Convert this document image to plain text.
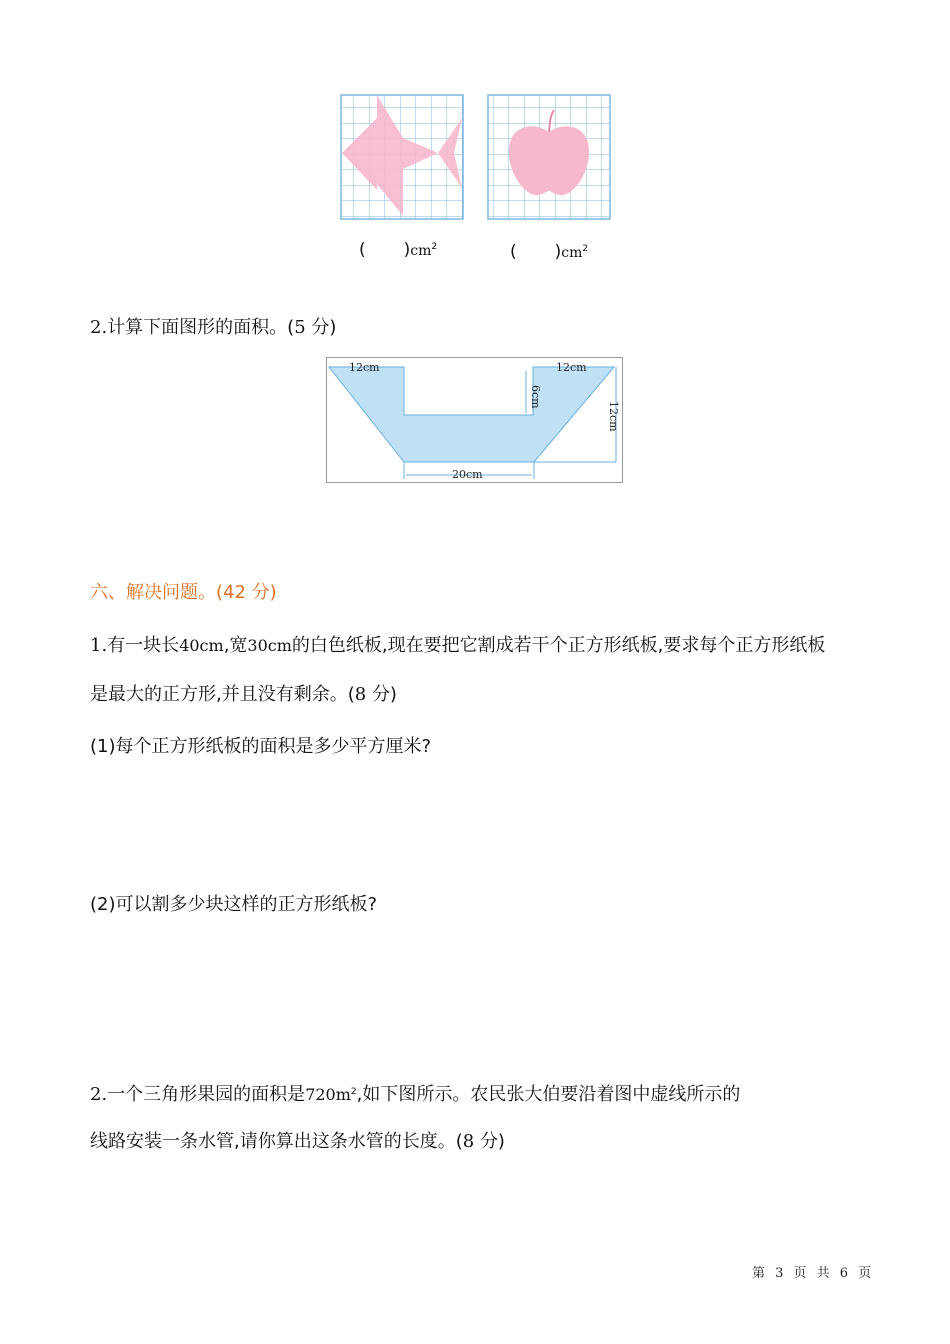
( )$cm^2$	( )$cm^2$
2.计算下面图形的面积。(5 分)
12cm	12cm
6cm
12cm
20cm
六、解决问题。(42 分)
1.有一块长40cm,宽30cm的白色纸板,现在要把它割成若干个正方形纸板,要求每个正方形纸板
是最大的正方形,并且没有剩余。(8 分)
(1)每个正方形纸板的面积是多少平方厘米?
(2)可以割多少块这样的正方形纸板?
2.一个三角形果园的面积是$720m^2$,如下图所示。农民张大伯要沿着图中虚线所示的
线路安装一条水管,请你算出这条水管的长度。(8 分)
第 3 页 共 6 页
